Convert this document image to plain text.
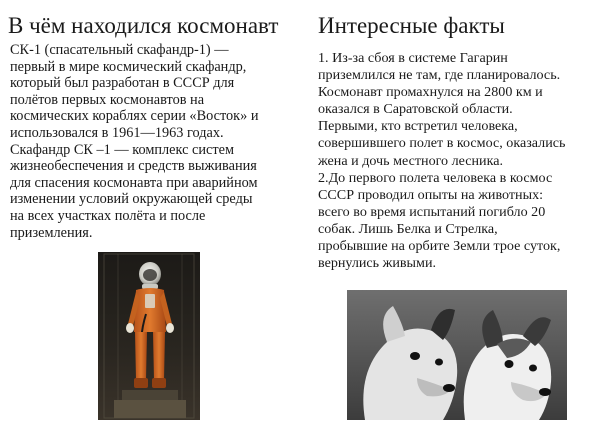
В чём находился космонавт Интересные факты
СК-1 (спасательный скафандр-1) —
первый в мире космический скафандр,
который был разработан в СССР для
полётов первых космонавтов на
космических кораблях серии «Восток» и
использовался в 1961—1963 годах.
Скафандр СК –1 — комплекс систем
жизнеобеспечения и средств выживания
для спасения космонавта при аварийном
изменении условий окружающей среды
на всех участках полёта и после
приземления.
1. Из-за сбоя в системе Гагарин
приземлился не там, где планировалось.
Космонавт промахнулся на 2800 км и
оказался в Саратовской области.
Первыми, кто встретил человека,
совершившего полет в космос, оказались
жена и дочь местного лесника.
2.До первого полета человека в космос
СССР проводил опыты на животных:
всего во время испытаний погибло 20
собак. Лишь Белка и Стрелка,
пробывшие на орбите Земли трое суток,
вернулись живыми.
